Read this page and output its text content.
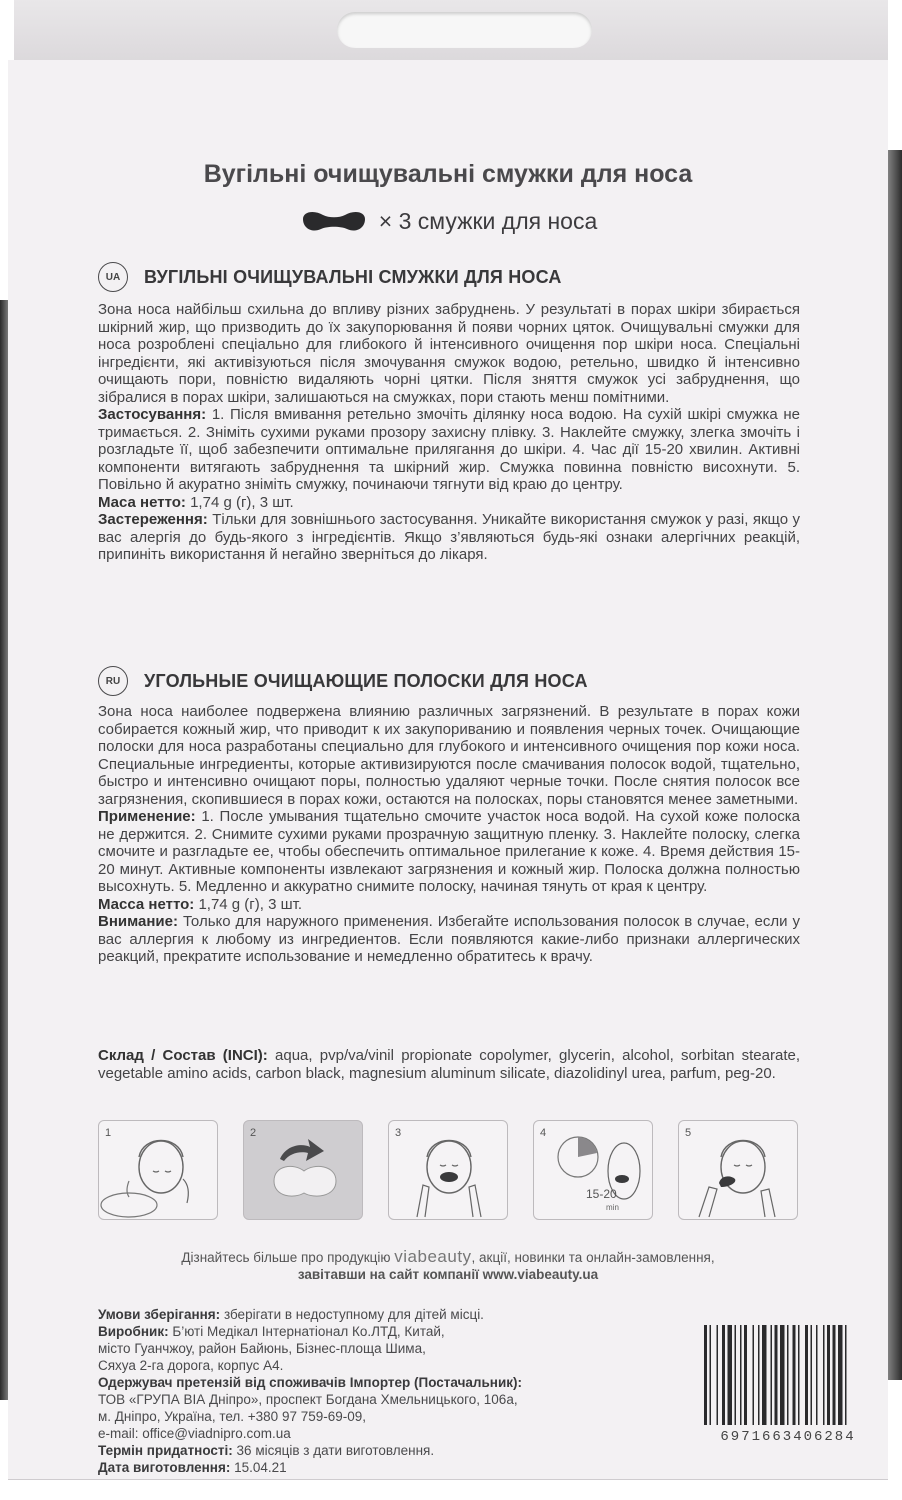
Вугільні очищувальні смужки для носа
× 3 смужки для носа
UA	ВУГІЛЬНІ ОЧИЩУВАЛЬНІ СМУЖКИ ДЛЯ НОСА
Зона носа найбільш схильна до впливу різних забруднень. У результаті в порах шкіри збирається шкірний жир, що призводить до їх закупорювання й появи чорних цяток. Очищувальні смужки для носа розроблені спеціально для глибокого й інтенсивного очищення пор шкіри носа. Спеціальні інгредієнти, які активізуються після змочування смужок водою, ретельно, швидко й інтенсивно очищають пори, повністю видаляють чорні цятки. Після зняття смужок усі забруднення, що зібралися в порах шкіри, залишаються на смужках, пори стають менш помітними.
Застосування: 1. Після вмивання ретельно змочіть ділянку носа водою. На сухій шкірі смужка не тримається. 2. Зніміть сухими руками прозору захисну плівку. 3. Наклейте смужку, злегка змочіть і розгладьте її, щоб забезпечити оптимальне прилягання до шкіри. 4. Час дії 15-20 хвилин. Активні компоненти витягають забруднення та шкірний жир. Смужка повинна повністю висохнути. 5. Повільно й акуратно зніміть смужку, починаючи тягнути від краю до центру.
Маса нетто: 1,74 g (г), 3 шт.
Застереження: Тільки для зовнішнього застосування. Уникайте використання смужок у разі, якщо у вас алергія до будь-якого з інгредієнтів. Якщо з’являються будь-які ознаки алергічних реакцій, припиніть використання й негайно зверніться до лікаря.
RU	УГОЛЬНЫЕ ОЧИЩАЮЩИЕ ПОЛОСКИ ДЛЯ НОСА
Зона носа наиболее подвержена влиянию различных загрязнений. В результате в порах кожи собирается кожный жир, что приводит к их закупориванию и появления черных точек. Очищающие полоски для носа разработаны специально для глубокого и интенсивного очищения пор кожи носа. Специальные ингредиенты, которые активизируются после смачивания полосок водой, тщательно, быстро и интенсивно очищают поры, полностью удаляют черные точки. После снятия полосок все загрязнения, скопившиеся в порах кожи, остаются на полосках, поры становятся менее заметными.
Применение: 1. После умывания тщательно смочите участок носа водой. На сухой коже полоска не держится. 2. Снимите сухими руками прозрачную защитную пленку. 3. Наклейте полоску, слегка смочите и разгладьте ее, чтобы обеспечить оптимальное прилегание к коже. 4. Время действия 15-20 минут. Активные компоненты извлекают загрязнения и кожный жир. Полоска должна полностью высохнуть. 5. Медленно и аккуратно снимите полоску, начиная тянуть от края к центру.
Масса нетто: 1,74 g (г), 3 шт.
Внимание: Только для наружного применения. Избегайте использования полосок в случае, если у вас аллергия к любому из ингредиентов. Если появляются какие-либо признаки аллергических реакций, прекратите использование и немедленно обратитесь к врачу.
Склад / Состав (INCI): aqua, pvp/va/vinil propionate copolymer, glycerin, alcohol, sorbitan stearate, vegetable amino acids, carbon black, magnesium aluminum silicate, diazolidinyl urea, parfum, peg-20.
1	2	3	4
15-20
min
5
Дізнайтесь більше про продукцію viabeauty, акції, новинки та онлайн-замовлення,
завітавши на сайт компанії www.viabeauty.ua
Умови зберігання: зберігати в недоступному для дітей місці.
Виробник: Б’юті Медікал Інтернатіонал Ко.ЛТД, Китай,
місто Гуанчжоу, район Байюнь, Бізнес-площа Шима,
Сяхуа 2-га дорога, корпус А4.
Одержувач претензій від споживачів Імпортер (Постачальник):
ТОВ «ГРУПА ВІА Дніпро», проспект Богдана Хмельницького, 106а,
м. Дніпро, Україна, тел. +380 97 759-69-09,
e-mail: office@viadnipro.com.ua
Термін придатності: 36 місяців з дати виготовлення.
Дата виготовлення: 15.04.21
6971663406284
